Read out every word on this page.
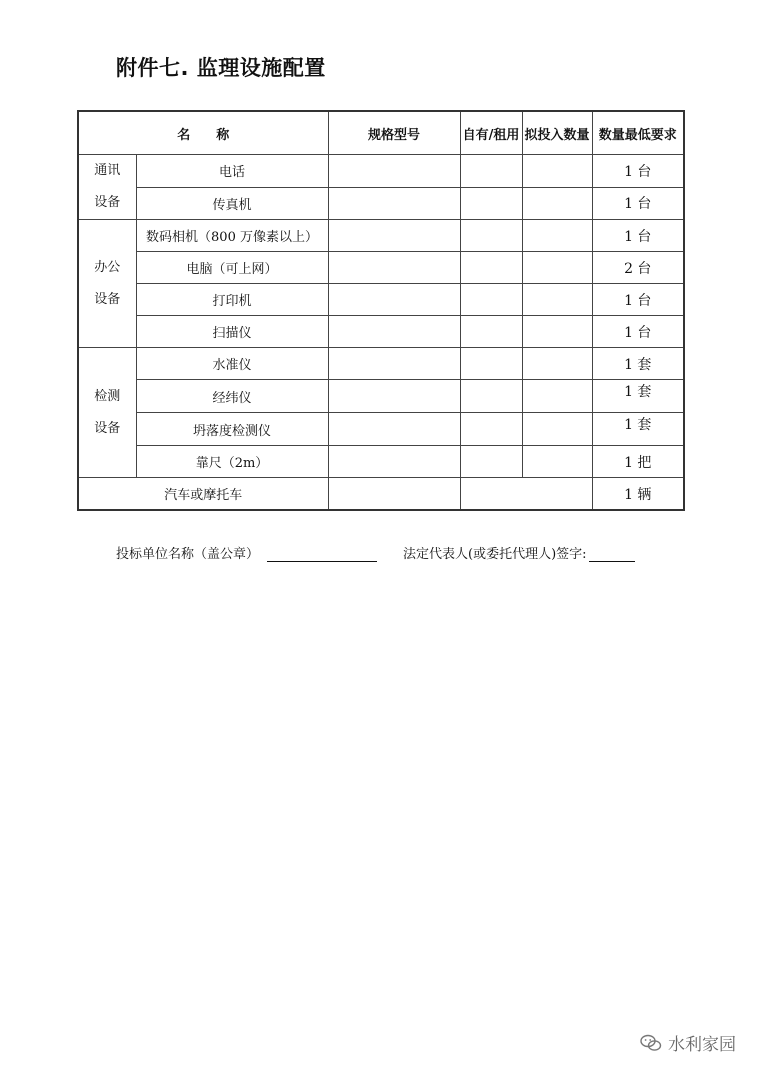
附件七. 监理设施配置
名　　称		规格型号	自有/租用	拟投入数量	数量最低要求

通讯
设备	电话				1 台
	传真机				1 台

办公
设备	数码相机（800 万像素以上）				1 台
	电脑（可上网）				2 台
	打印机				1 台
	扫描仪				1 台

检测
设备	水准仪				1 套
	经纬仪				1 套
	坍落度检测仪				1 套
	靠尺（2m）				1 把
汽车或摩托车					1 辆
投标单位名称（盖公章）	法定代表人(或委托代理人)签字:
水利家园
